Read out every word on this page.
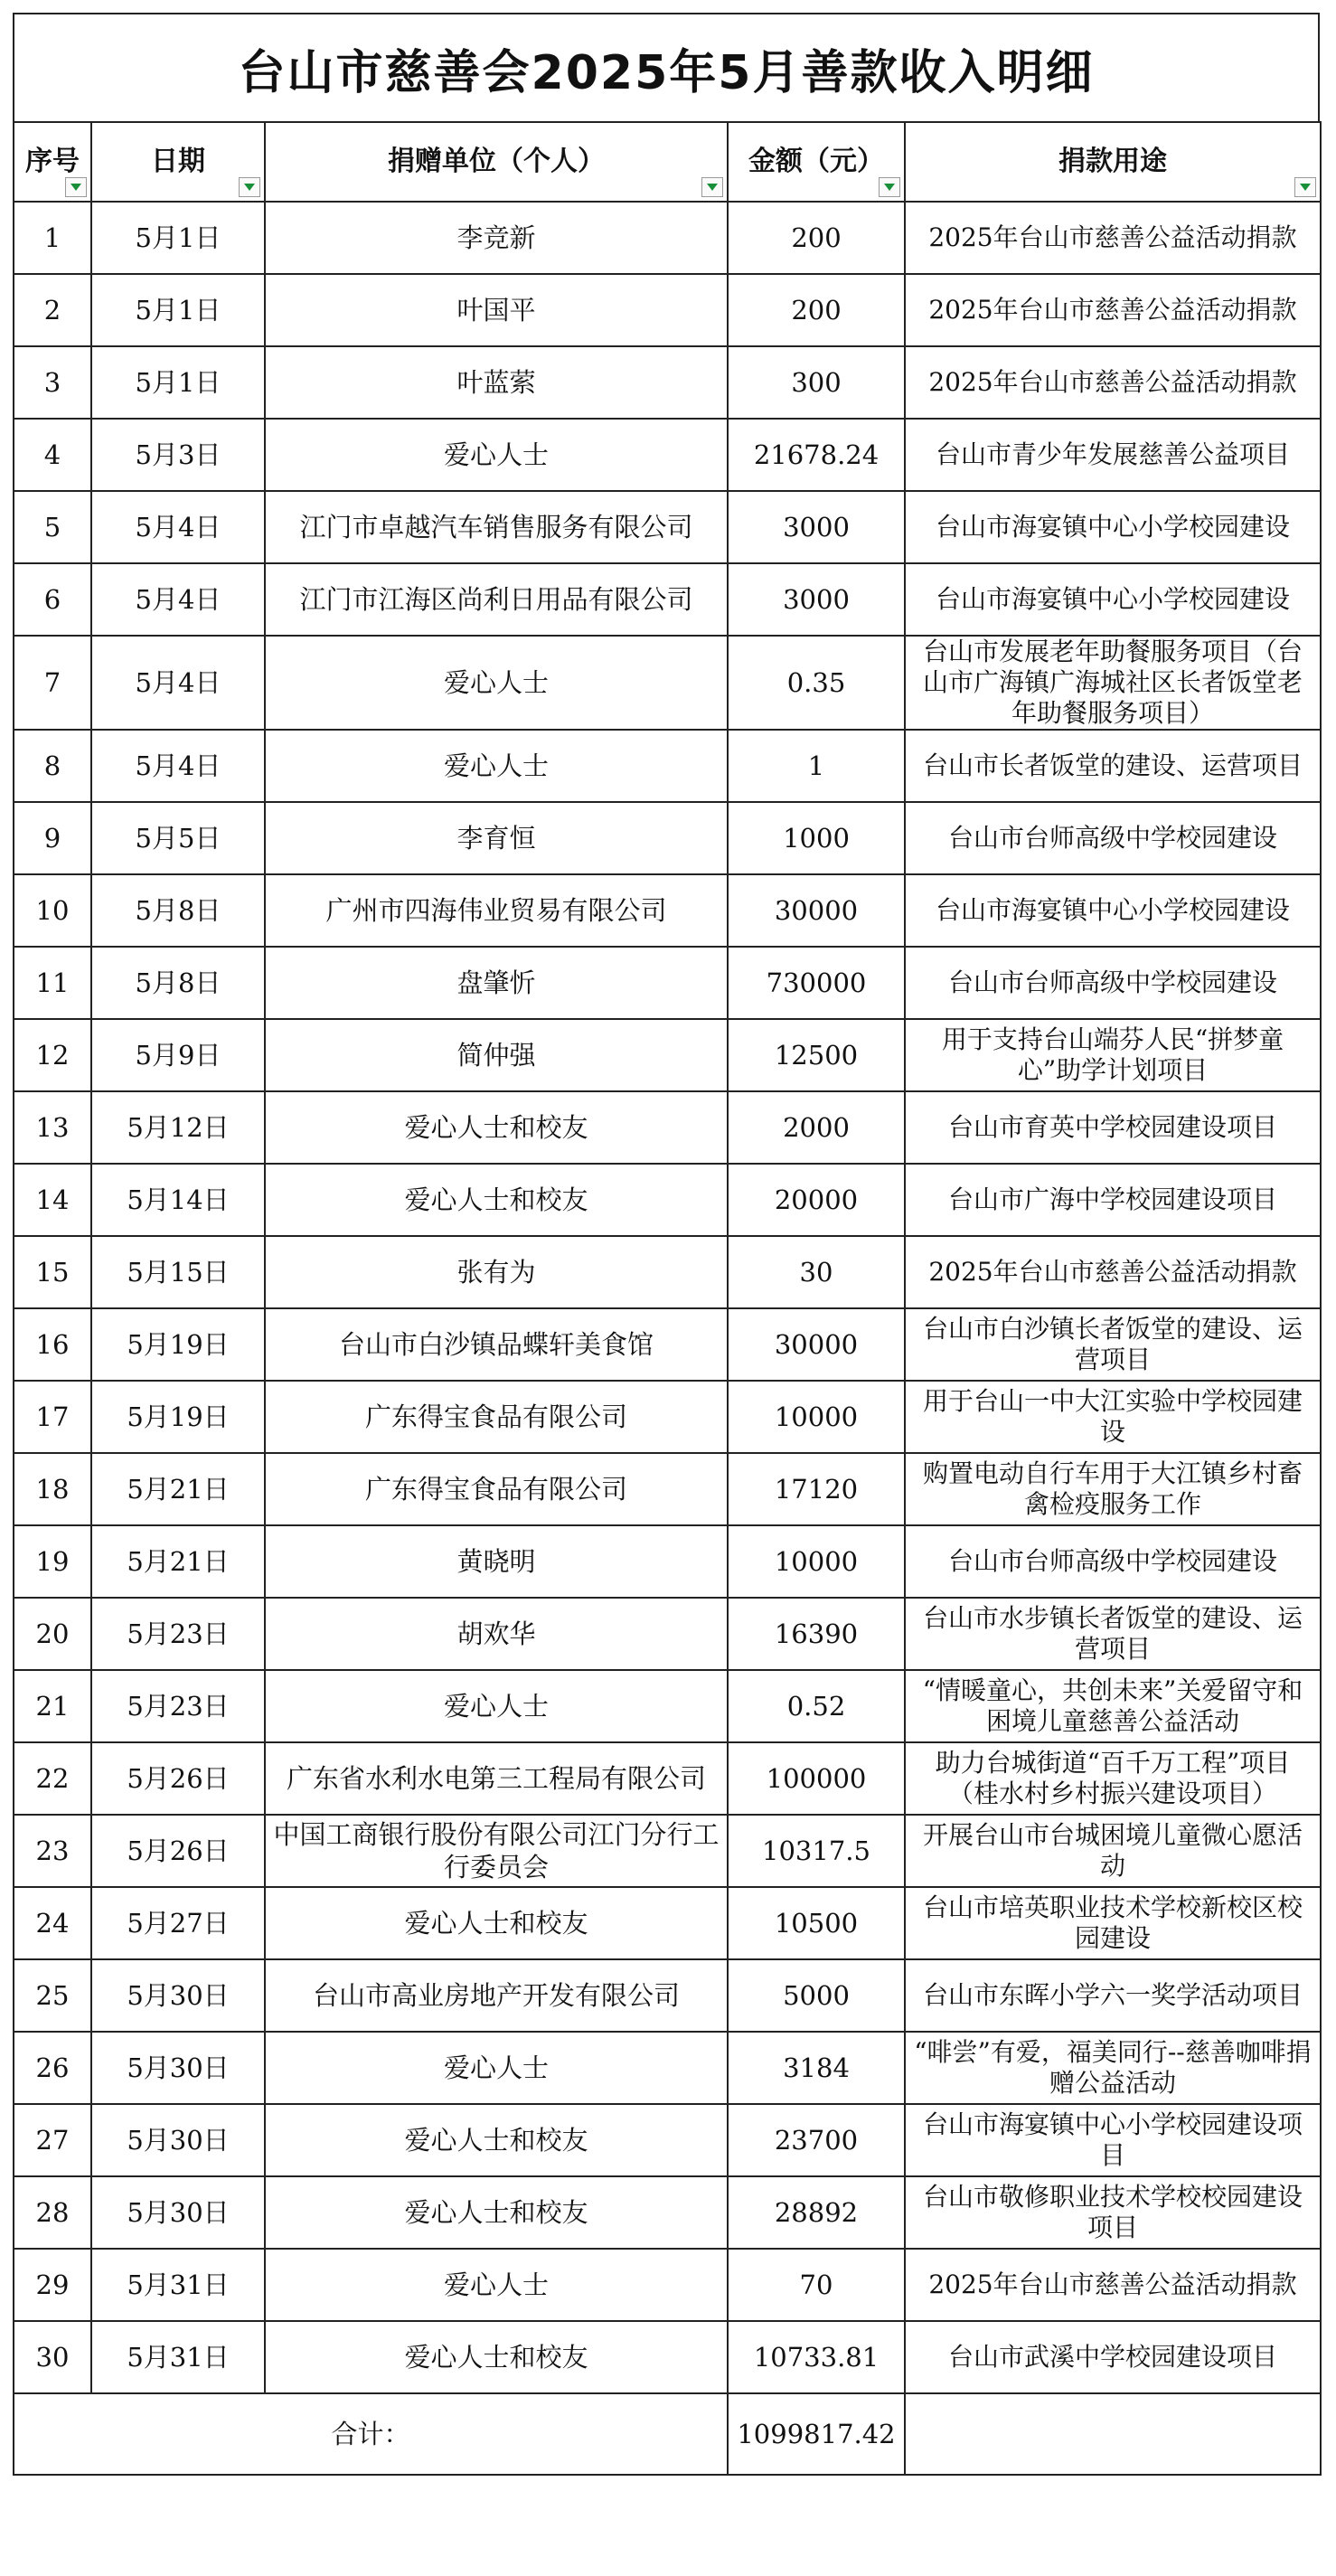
台山市慈善会2025年5月善款收入明细
序号	日期	捐赠单位（个人）	金额（元）	捐款用途

1	5月1日	李竞新	200	2025年台山市慈善公益活动捐款
2	5月1日	叶国平	200	2025年台山市慈善公益活动捐款
3	5月1日	叶蓝萦	300	2025年台山市慈善公益活动捐款
4	5月3日	爱心人士	21678.24	台山市青少年发展慈善公益项目
5	5月4日	江门市卓越汽车销售服务有限公司	3000	台山市海宴镇中心小学校园建设
6	5月4日	江门市江海区尚利日用品有限公司	3000	台山市海宴镇中心小学校园建设
7	5月4日	爱心人士	0.35	台山市发展老年助餐服务项目（台山市广海镇广海城社区长者饭堂老年助餐服务项目）
8	5月4日	爱心人士	1	台山市长者饭堂的建设、运营项目
9	5月5日	李育恒	1000	台山市台师高级中学校园建设
10	5月8日	广州市四海伟业贸易有限公司	30000	台山市海宴镇中心小学校园建设
11	5月8日	盘肇忻	730000	台山市台师高级中学校园建设
12	5月9日	简仲强	12500	用于支持台山端芬人民“拼梦童心”助学计划项目
13	5月12日	爱心人士和校友	2000	台山市育英中学校园建设项目
14	5月14日	爱心人士和校友	20000	台山市广海中学校园建设项目
15	5月15日	张有为	30	2025年台山市慈善公益活动捐款
16	5月19日	台山市白沙镇品蝶轩美食馆	30000	台山市白沙镇长者饭堂的建设、运营项目
17	5月19日	广东得宝食品有限公司	10000	用于台山一中大江实验中学校园建设
18	5月21日	广东得宝食品有限公司	17120	购置电动自行车用于大江镇乡村畜禽检疫服务工作
19	5月21日	黄晓明	10000	台山市台师高级中学校园建设
20	5月23日	胡欢华	16390	台山市水步镇长者饭堂的建设、运营项目
21	5月23日	爱心人士	0.52	“情暖童心，共创未来”关爱留守和困境儿童慈善公益活动
22	5月26日	广东省水利水电第三工程局有限公司	100000	助力台城街道“百千万工程”项目（桂水村乡村振兴建设项目）
23	5月26日	中国工商银行股份有限公司江门分行工行委员会	10317.5	开展台山市台城困境儿童微心愿活动
24	5月27日	爱心人士和校友	10500	台山市培英职业技术学校新校区校园建设
25	5月30日	台山市高业房地产开发有限公司	5000	台山市东晖小学六一奖学活动项目
26	5月30日	爱心人士	3184	“啡尝”有爱，福美同行--慈善咖啡捐赠公益活动
27	5月30日	爱心人士和校友	23700	台山市海宴镇中心小学校园建设项目
28	5月30日	爱心人士和校友	28892	台山市敬修职业技术学校校园建设项目
29	5月31日	爱心人士	70	2025年台山市慈善公益活动捐款
30	5月31日	爱心人士和校友	10733.81	台山市武溪中学校园建设项目
合计：			1099817.42	
